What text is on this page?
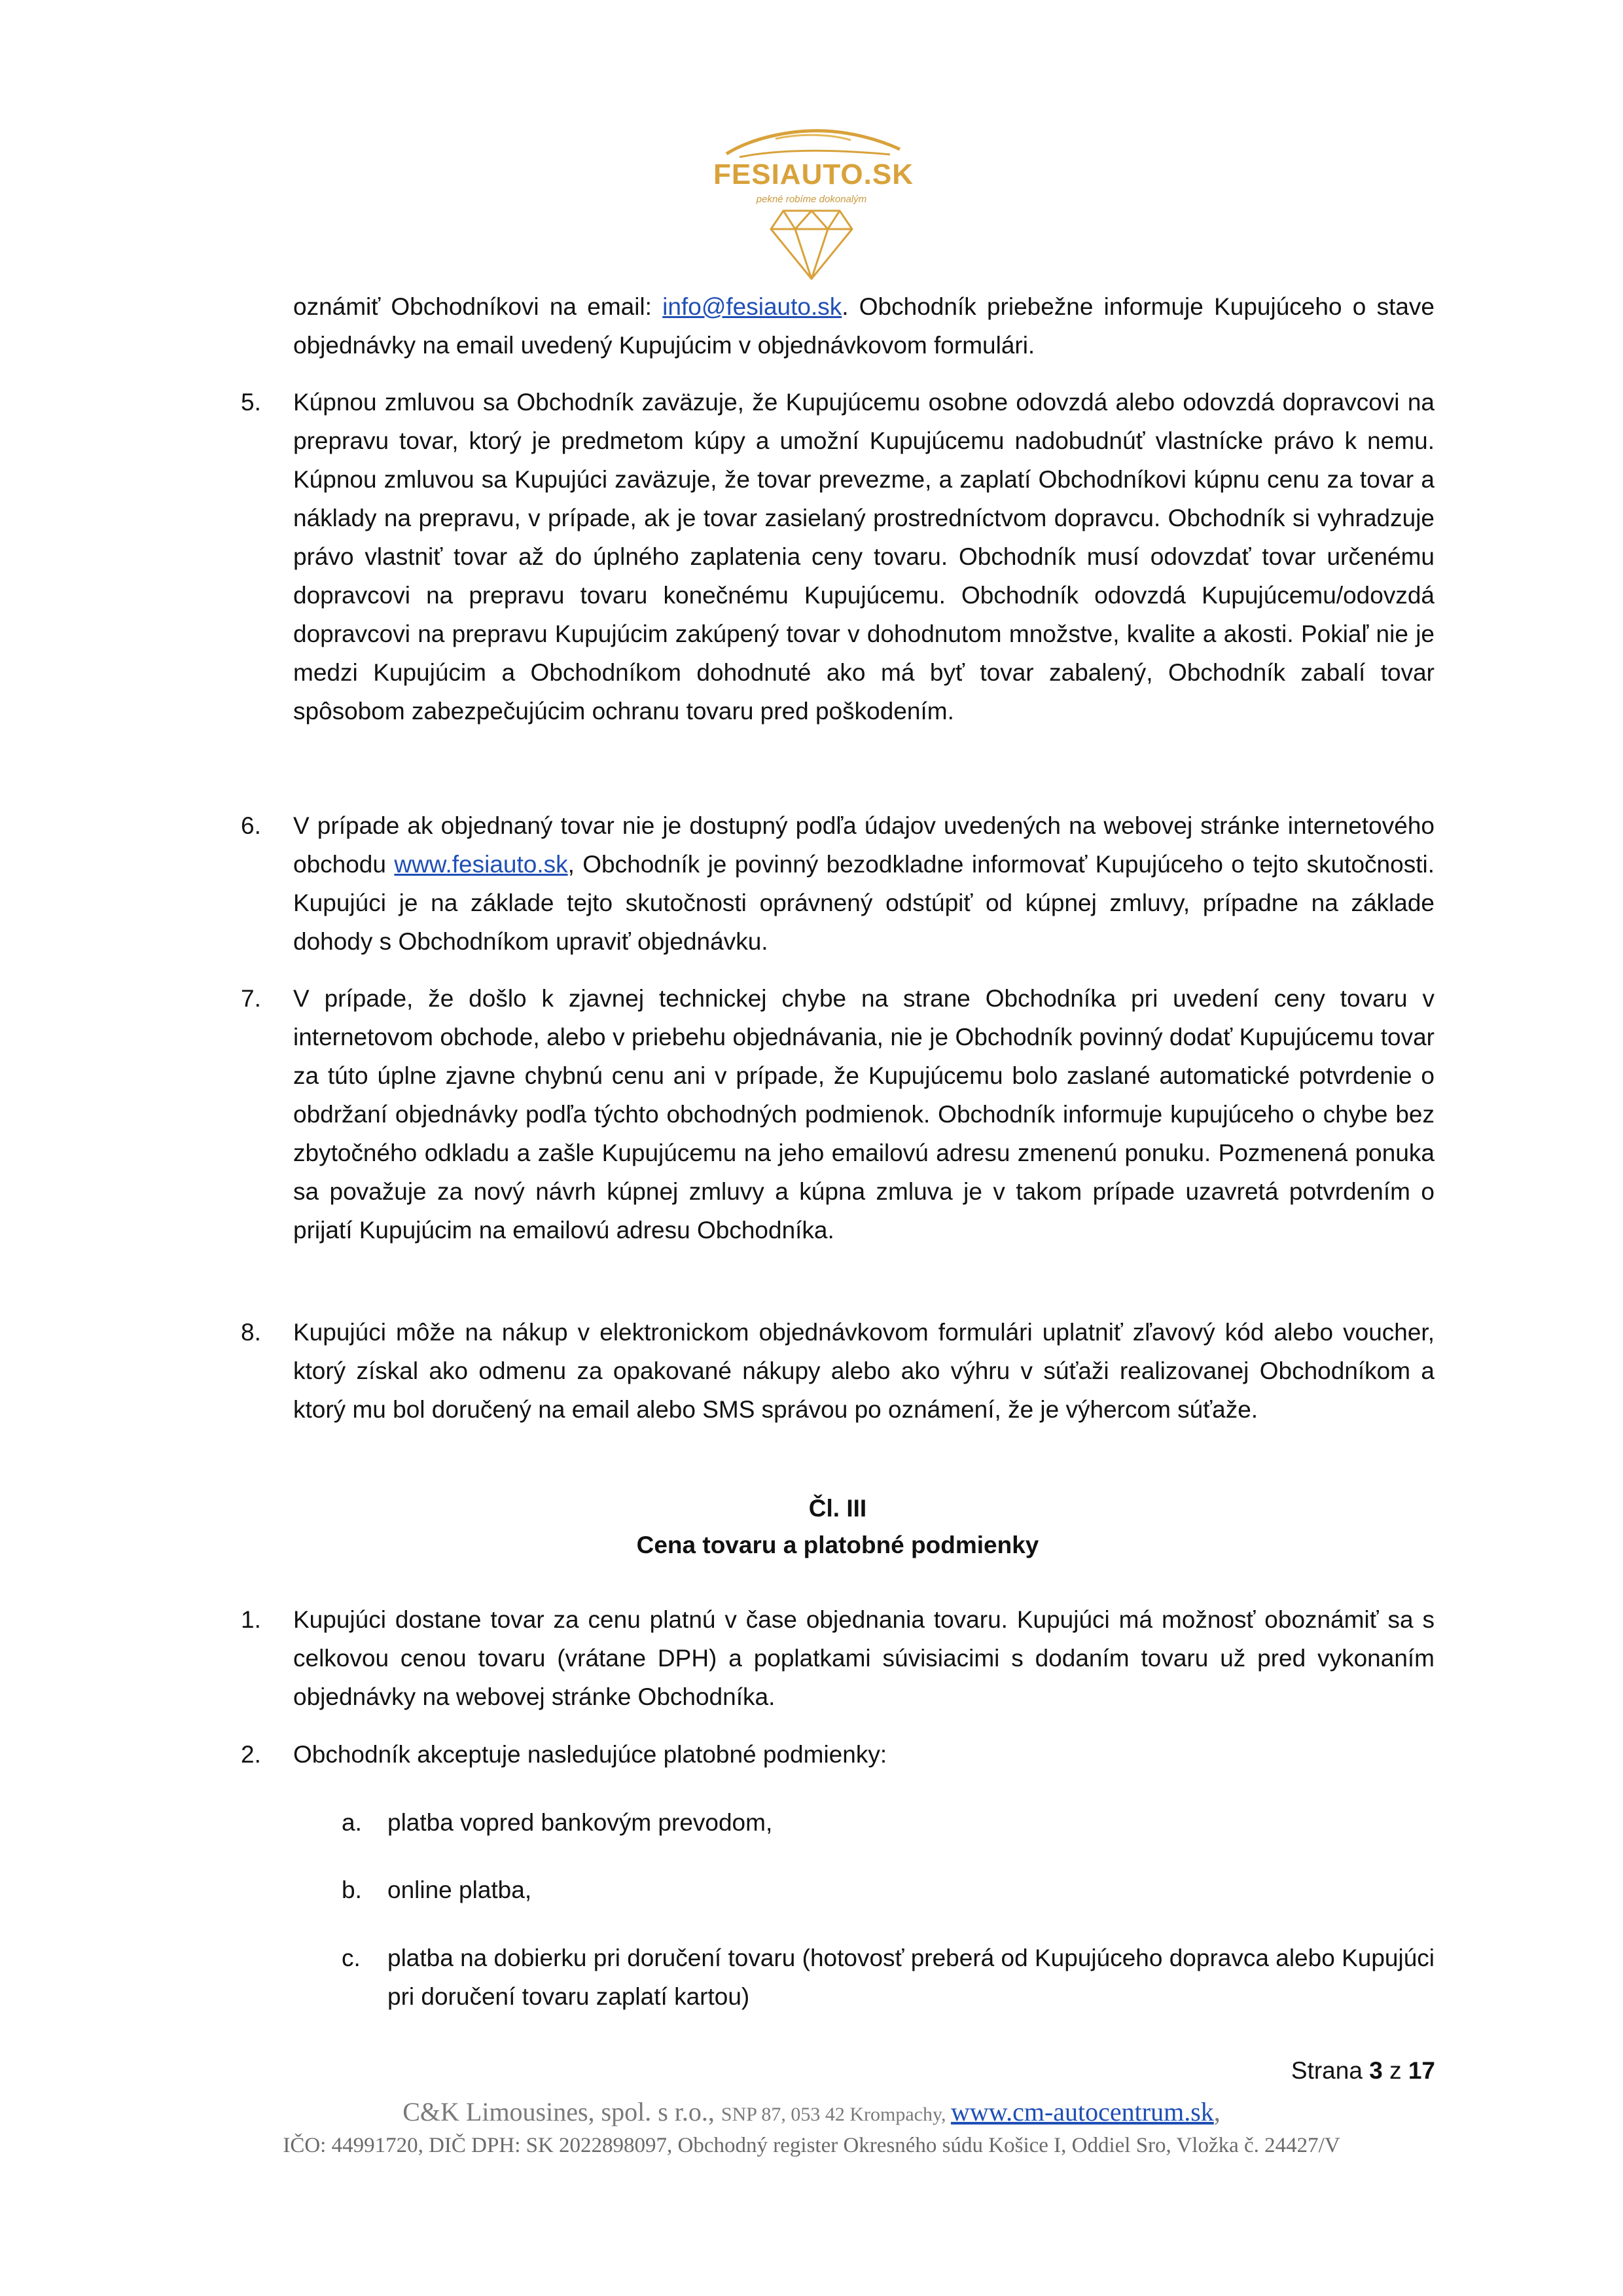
FESIAUTO.SK
pekné robíme dokonalým
oznámiť Obchodníkovi na email: info@fesiauto.sk. Obchodník priebežne informuje Kupujúceho o stave objednávky na email uvedený Kupujúcim v objednávkovom formulári.
5.	Kúpnou zmluvou sa Obchodník zaväzuje, že Kupujúcemu osobne odovzdá alebo odovzdá dopravcovi na prepravu tovar, ktorý je predmetom kúpy a umožní Kupujúcemu nadobudnúť vlastnícke právo k nemu. Kúpnou zmluvou sa Kupujúci zaväzuje, že tovar prevezme, a zaplatí Obchodníkovi kúpnu cenu za tovar a náklady na prepravu, v prípade, ak je tovar zasielaný prostredníctvom dopravcu. Obchodník si vyhradzuje právo vlastniť tovar až do úplného zaplatenia ceny tovaru. Obchodník musí odovzdať tovar určenému dopravcovi na prepravu tovaru konečnému Kupujúcemu. Obchodník odovzdá Kupujúcemu/odovzdá dopravcovi na prepravu Kupujúcim zakúpený tovar v dohodnutom množstve, kvalite a akosti. Pokiaľ nie je medzi Kupujúcim a Obchodníkom dohodnuté ako má byť tovar zabalený, Obchodník zabalí tovar spôsobom zabezpečujúcim ochranu tovaru pred poškodením.
6.	V prípade ak objednaný tovar nie je dostupný podľa údajov uvedených na webovej stránke internetového obchodu www.fesiauto.sk, Obchodník je povinný bezodkladne informovať Kupujúceho o tejto skutočnosti. Kupujúci je na základe tejto skutočnosti oprávnený odstúpiť od kúpnej zmluvy, prípadne na základe dohody s Obchodníkom upraviť objednávku.
7.	V prípade, že došlo k zjavnej technickej chybe na strane Obchodníka pri uvedení ceny tovaru v internetovom obchode, alebo v priebehu objednávania, nie je Obchodník povinný dodať Kupujúcemu tovar za túto úplne zjavne chybnú cenu ani v prípade, že Kupujúcemu bolo zaslané automatické potvrdenie o obdržaní objednávky podľa týchto obchodných podmienok. Obchodník informuje kupujúceho o chybe bez zbytočného odkladu a zašle Kupujúcemu na jeho emailovú adresu zmenenú ponuku. Pozmenená ponuka sa považuje za nový návrh kúpnej zmluvy a kúpna zmluva je v takom prípade uzavretá potvrdením o prijatí Kupujúcim na emailovú adresu Obchodníka.
8.	Kupujúci môže na nákup v elektronickom objednávkovom formulári uplatniť zľavový kód alebo voucher, ktorý získal ako odmenu za opakované nákupy alebo ako výhru v súťaži realizovanej Obchodníkom a ktorý mu bol doručený na email alebo SMS správou po oznámení, že je výhercom súťaže.
Čl. III
Cena tovaru a platobné podmienky
1.	Kupujúci dostane tovar za cenu platnú v čase objednania tovaru. Kupujúci má možnosť oboznámiť sa s celkovou cenou tovaru (vrátane DPH) a poplatkami súvisiacimi s dodaním tovaru už pred vykonaním objednávky na webovej stránke Obchodníka.
2.	Obchodník akceptuje nasledujúce platobné podmienky:
a.	platba vopred bankovým prevodom,
b.	online platba,
c.	platba na dobierku pri doručení tovaru (hotovosť preberá od Kupujúceho dopravca alebo Kupujúci pri doručení tovaru zaplatí kartou)
Strana 3 z 17
C&K Limousines, spol. s r.o., SNP 87, 053 42 Krompachy, www.cm-autocentrum.sk,
IČO: 44991720, DIČ DPH: SK 2022898097, Obchodný register Okresného súdu Košice I, Oddiel Sro, Vložka č. 24427/V
